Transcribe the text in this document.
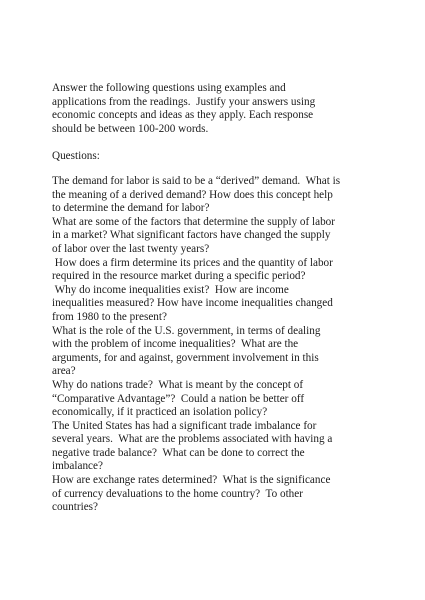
Answer the following questions using examples and
applications from the readings.  Justify your answers using
economic concepts and ideas as they apply. Each response
should be between 100-200 words.
Questions:
The demand for labor is said to be a “derived” demand.  What is
the meaning of a derived demand? How does this concept help
to determine the demand for labor?
What are some of the factors that determine the supply of labor
in a market? What significant factors have changed the supply
of labor over the last twenty years?
How does a firm determine its prices and the quantity of labor
required in the resource market during a specific period?
Why do income inequalities exist?  How are income
inequalities measured? How have income inequalities changed
from 1980 to the present?
What is the role of the U.S. government, in terms of dealing
with the problem of income inequalities?  What are the
arguments, for and against, government involvement in this
area?
Why do nations trade?  What is meant by the concept of
“Comparative Advantage”?  Could a nation be better off
economically, if it practiced an isolation policy?
The United States has had a significant trade imbalance for
several years.  What are the problems associated with having a
negative trade balance?  What can be done to correct the
imbalance?
How are exchange rates determined?  What is the significance
of currency devaluations to the home country?  To other
countries?
